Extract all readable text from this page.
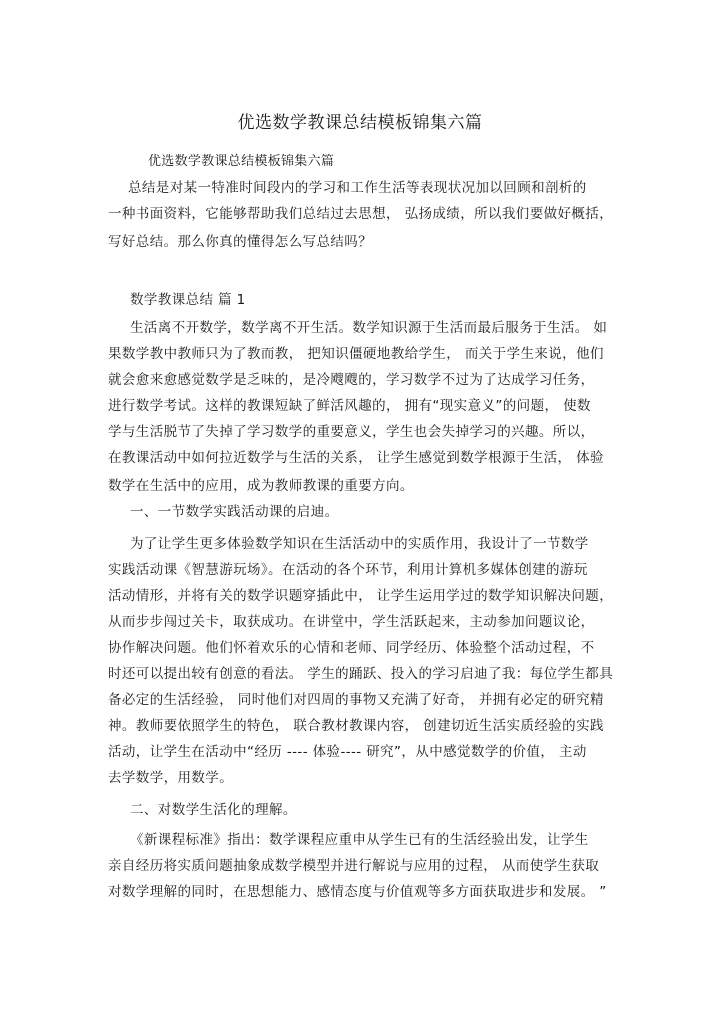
优选数学教课总结模板锦集六篇
优选数学教课总结模板锦集六篇
总结是对某一特准时间段内的学习和工作生活等表现状况加以回顾和剖析的
一种书面资料，它能够帮助我们总结过去思想， 弘扬成绩，所以我们要做好概括，
写好总结。那么你真的懂得怎么写总结吗？
数学教课总结 篇 1
生活离不开数学，数学离不开生活。数学知识源于生活而最后服务于生活。 如
果数学教中教师只为了教而教， 把知识僵硬地教给学生， 而关于学生来说，他们
就会愈来愈感觉数学是乏味的，是冷飕飕的，学习数学不过为了达成学习任务，
进行数学考试。这样的教课短缺了鲜活风趣的， 拥有“现实意义”的问题， 使数
学与生活脱节了失掉了学习数学的重要意义，学生也会失掉学习的兴趣。所以，
在教课活动中如何拉近数学与生活的关系， 让学生感觉到数学根源于生活， 体验
数学在生活中的应用，成为教师教课的重要方向。
一、一节数学实践活动课的启迪。
为了让学生更多体验数学知识在生活活动中的实质作用，我设计了一节数学
实践活动课《智慧游玩场》。在活动的各个环节，利用计算机多媒体创建的游玩
活动情形，并将有关的数学识题穿插此中， 让学生运用学过的数学知识解决问题，
从而步步闯过关卡，取获成功。在讲堂中，学生活跃起来，主动参加问题议论，
协作解决问题。他们怀着欢乐的心情和老师、同学经历、体验整个活动过程，不
时还可以提出较有创意的看法。 学生的踊跃、投入的学习启迪了我：每位学生都具
备必定的生活经验， 同时他们对四周的事物又充满了好奇， 并拥有必定的研究精
神。教师要依照学生的特色， 联合教材教课内容， 创建切近生活实质经验的实践
活动，让学生在活动中“经历 ---- 体验---- 研究”，从中感觉数学的价值， 主动
去学数学，用数学。
二、对数学生活化的理解。
《新课程标准》指出：数学课程应重申从学生已有的生活经验出发，让学生
亲自经历将实质问题抽象成数学模型并进行解说与应用的过程， 从而使学生获取
对数学理解的同时，在思想能力、感情态度与价值观等多方面获取进步和发展。 ”
